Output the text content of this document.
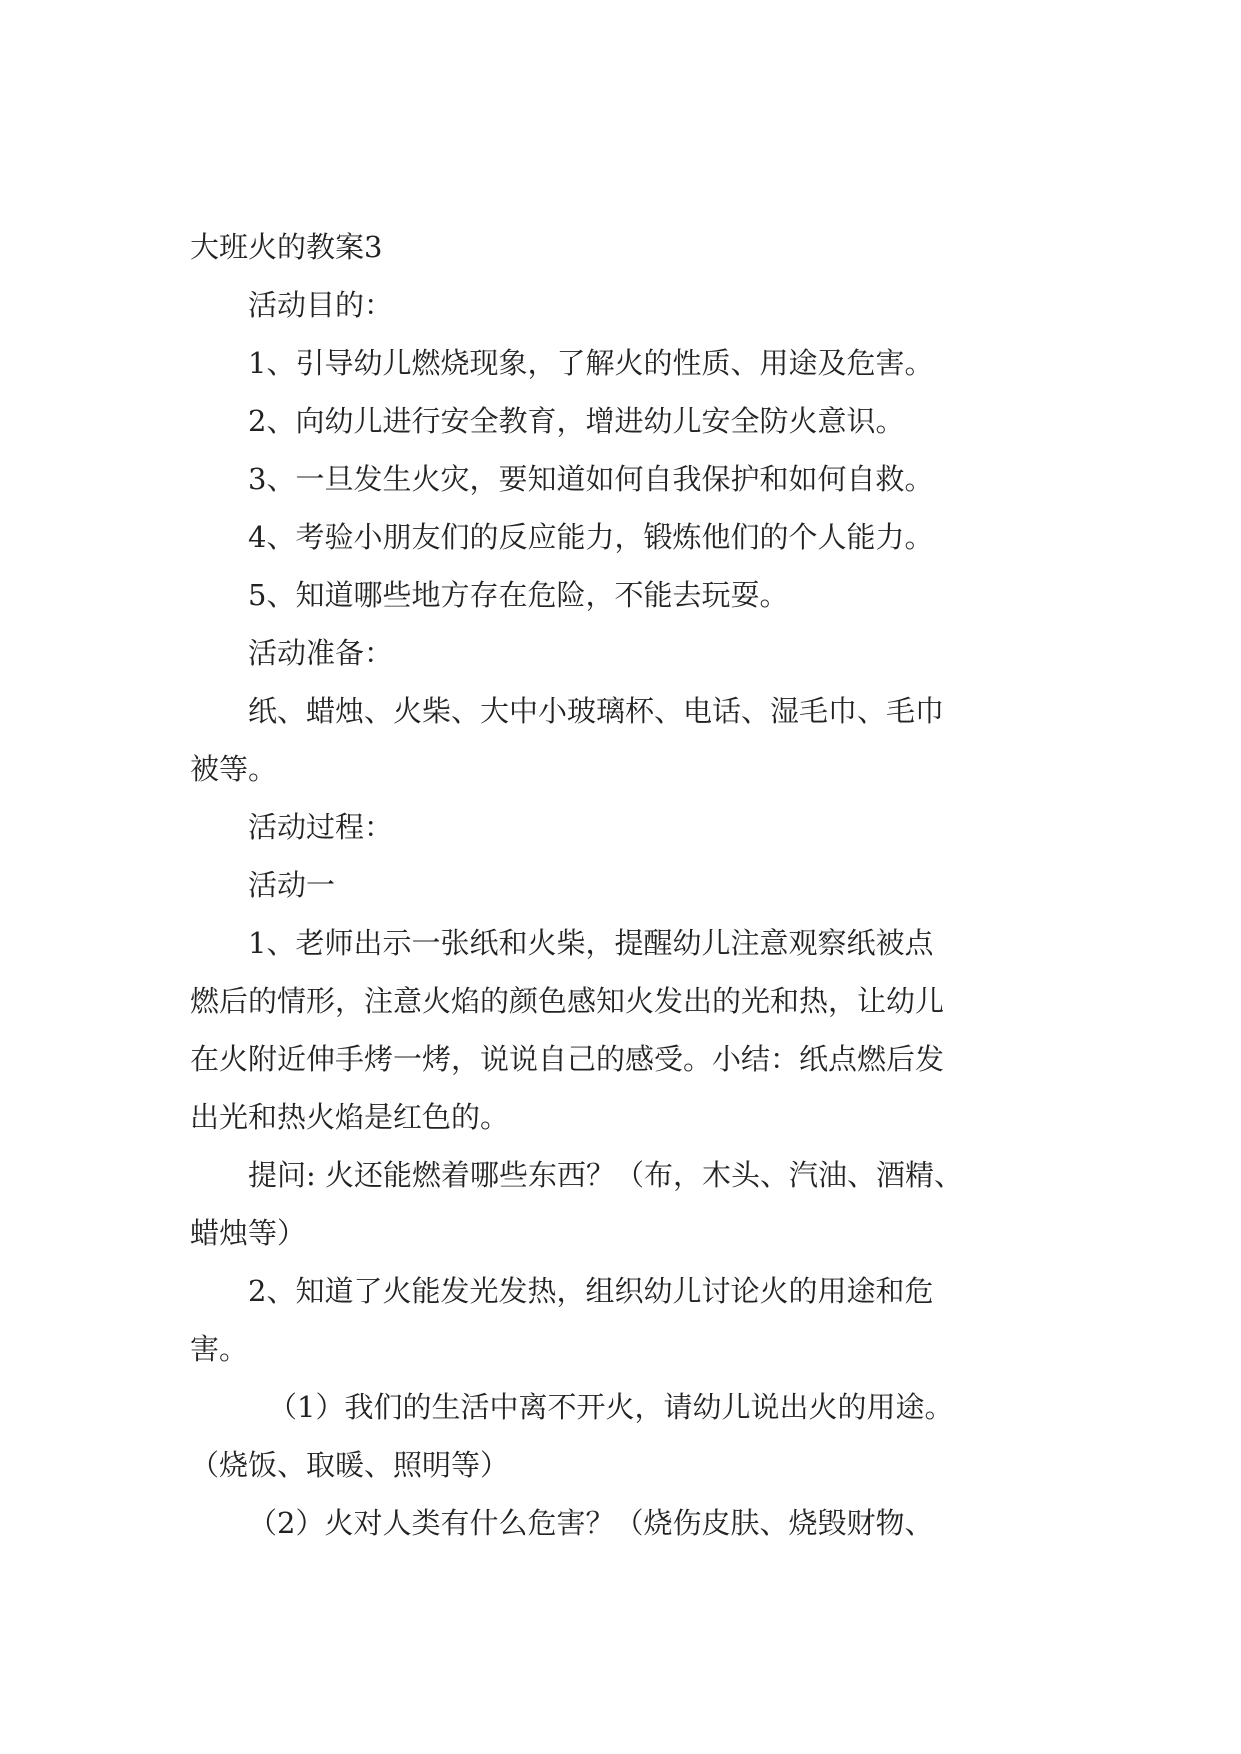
大班火的教案3

活动目的：

1、引导幼儿燃烧现象，了解火的性质、用途及危害。

2、向幼儿进行安全教育，增进幼儿安全防火意识。

3、一旦发生火灾，要知道如何自我保护和如何自救。

4、考验小朋友们的反应能力，锻炼他们的个人能力。

5、知道哪些地方存在危险，不能去玩耍。

活动准备：

纸、蜡烛、火柴、大中小玻璃杯、电话、湿毛巾、毛巾

被等。

活动过程：

活动一

1、老师出示一张纸和火柴，提醒幼儿注意观察纸被点

燃后的情形，注意火焰的颜色感知火发出的光和热，让幼儿

在火附近伸手烤一烤，说说自己的感受。小结：纸点燃后发

出光和热火焰是红色的。

提问: 火还能燃着哪些东西？（布，木头、汽油、酒精、

蜡烛等）

2、知道了火能发光发热，组织幼儿讨论火的用途和危

害。

（1）我们的生活中离不开火，请幼儿说出火的用途。

（烧饭、取暖、照明等）

（2）火对人类有什么危害？（烧伤皮肤、烧毁财物、
